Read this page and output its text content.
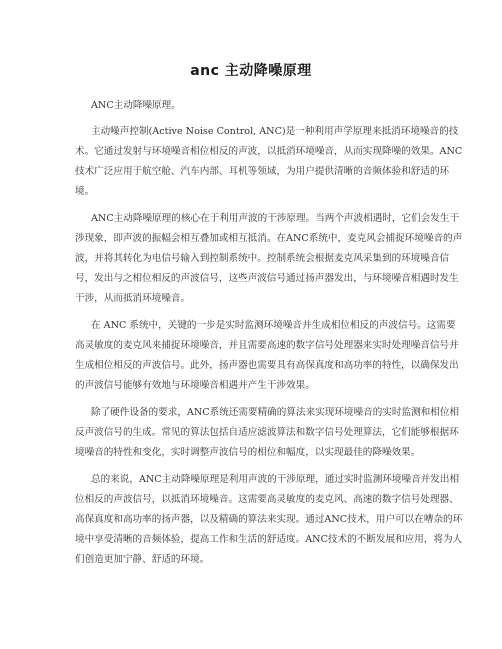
anc 主动降噪原理

ANC主动降噪原理。

主动噪声控制(Active Noise Control, ANC)是一种利用声学原理来抵消环境噪音的技术。它通过发射与环境噪音相位相反的声波，以抵消环境噪音，从而实现降噪的效果。ANC技术广泛应用于航空舱、汽车内部、耳机等领域，为用户提供清晰的音频体验和舒适的环境。

ANC主动降噪原理的核心在于利用声波的干涉原理。当两个声波相遇时，它们会发生干涉现象，即声波的振幅会相互叠加或相互抵消。在ANC系统中，麦克风会捕捉环境噪音的声波，并将其转化为电信号输入到控制系统中。控制系统会根据麦克风采集到的环境噪音信号，发出与之相位相反的声波信号，这些声波信号通过扬声器发出，与环境噪音相遇时发生干涉，从而抵消环境噪音。

在 ANC 系统中，关键的一步是实时监测环境噪音并生成相位相反的声波信号。这需要高灵敏度的麦克风来捕捉环境噪音，并且需要高速的数字信号处理器来实时处理噪音信号并生成相位相反的声波信号。此外，扬声器也需要具有高保真度和高功率的特性，以确保发出的声波信号能够有效地与环境噪音相遇并产生干涉效果。

除了硬件设备的要求，ANC系统还需要精确的算法来实现环境噪音的实时监测和相位相反声波信号的生成。常见的算法包括自适应滤波算法和数字信号处理算法，它们能够根据环境噪音的特性和变化，实时调整声波信号的相位和幅度，以实现最佳的降噪效果。

总的来说，ANC主动降噪原理是利用声波的干涉原理，通过实时监测环境噪音并发出相位相反的声波信号，以抵消环境噪音。这需要高灵敏度的麦克风、高速的数字信号处理器、高保真度和高功率的扬声器，以及精确的算法来实现。通过ANC技术，用户可以在嘈杂的环境中享受清晰的音频体验，提高工作和生活的舒适度。ANC技术的不断发展和应用，将为人们创造更加宁静、舒适的环境。
